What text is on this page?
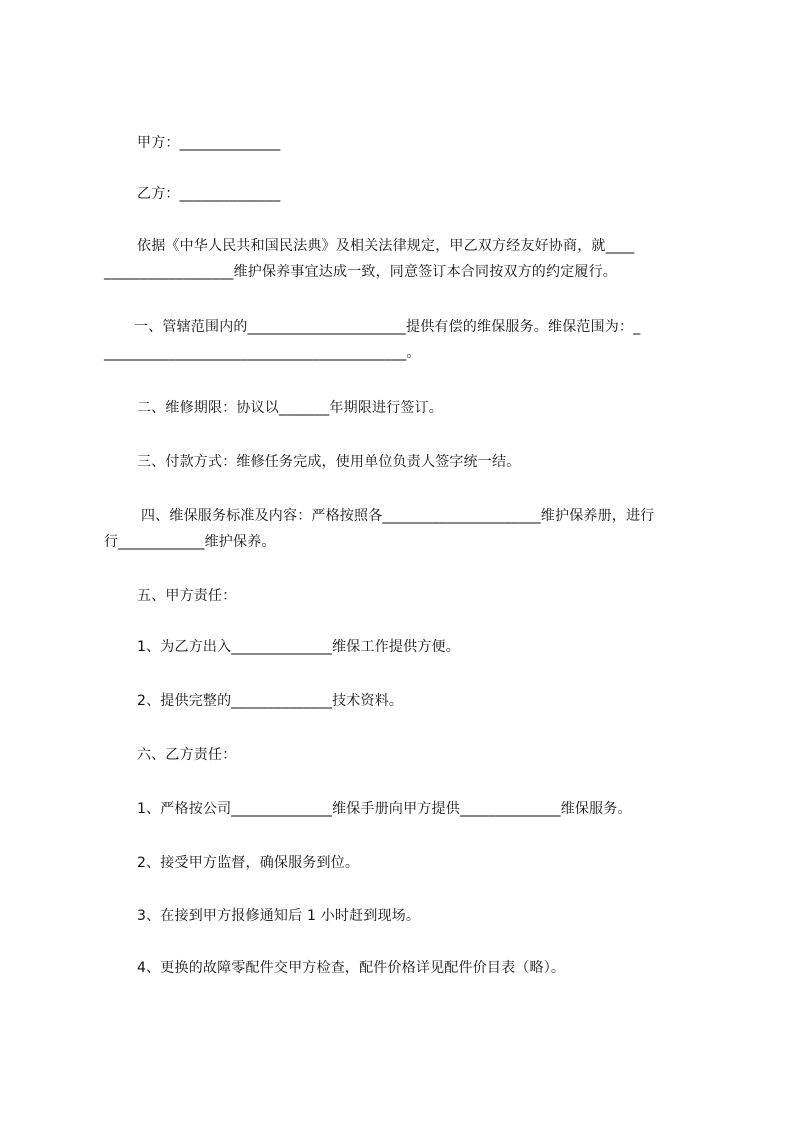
甲方：______________
乙方：______________
依据《中华人民共和国民法典》及相关法律规定，甲乙双方经友好协商，就____
__________________维护保养事宜达成一致，同意签订本合同按双方的约定履行。
一、管辖范围内的______________________提供有偿的维保服务。维保范围为：_
__________________________________________。
二、维修期限：协议以_______年期限进行签订。
三、付款方式：维修任务完成，使用单位负责人签字统一结。
四、维保服务标准及内容：严格按照各______________________维护保养册，进行
行____________维护保养。
五、甲方责任：
1、为乙方出入______________维保工作提供方便。
2、提供完整的______________技术资料。
六、乙方责任：
1、严格按公司______________维保手册向甲方提供______________维保服务。
2、接受甲方监督，确保服务到位。
3、在接到甲方报修通知后 1 小时赶到现场。
4、更换的故障零配件交甲方检查，配件价格详见配件价目表（略）。
